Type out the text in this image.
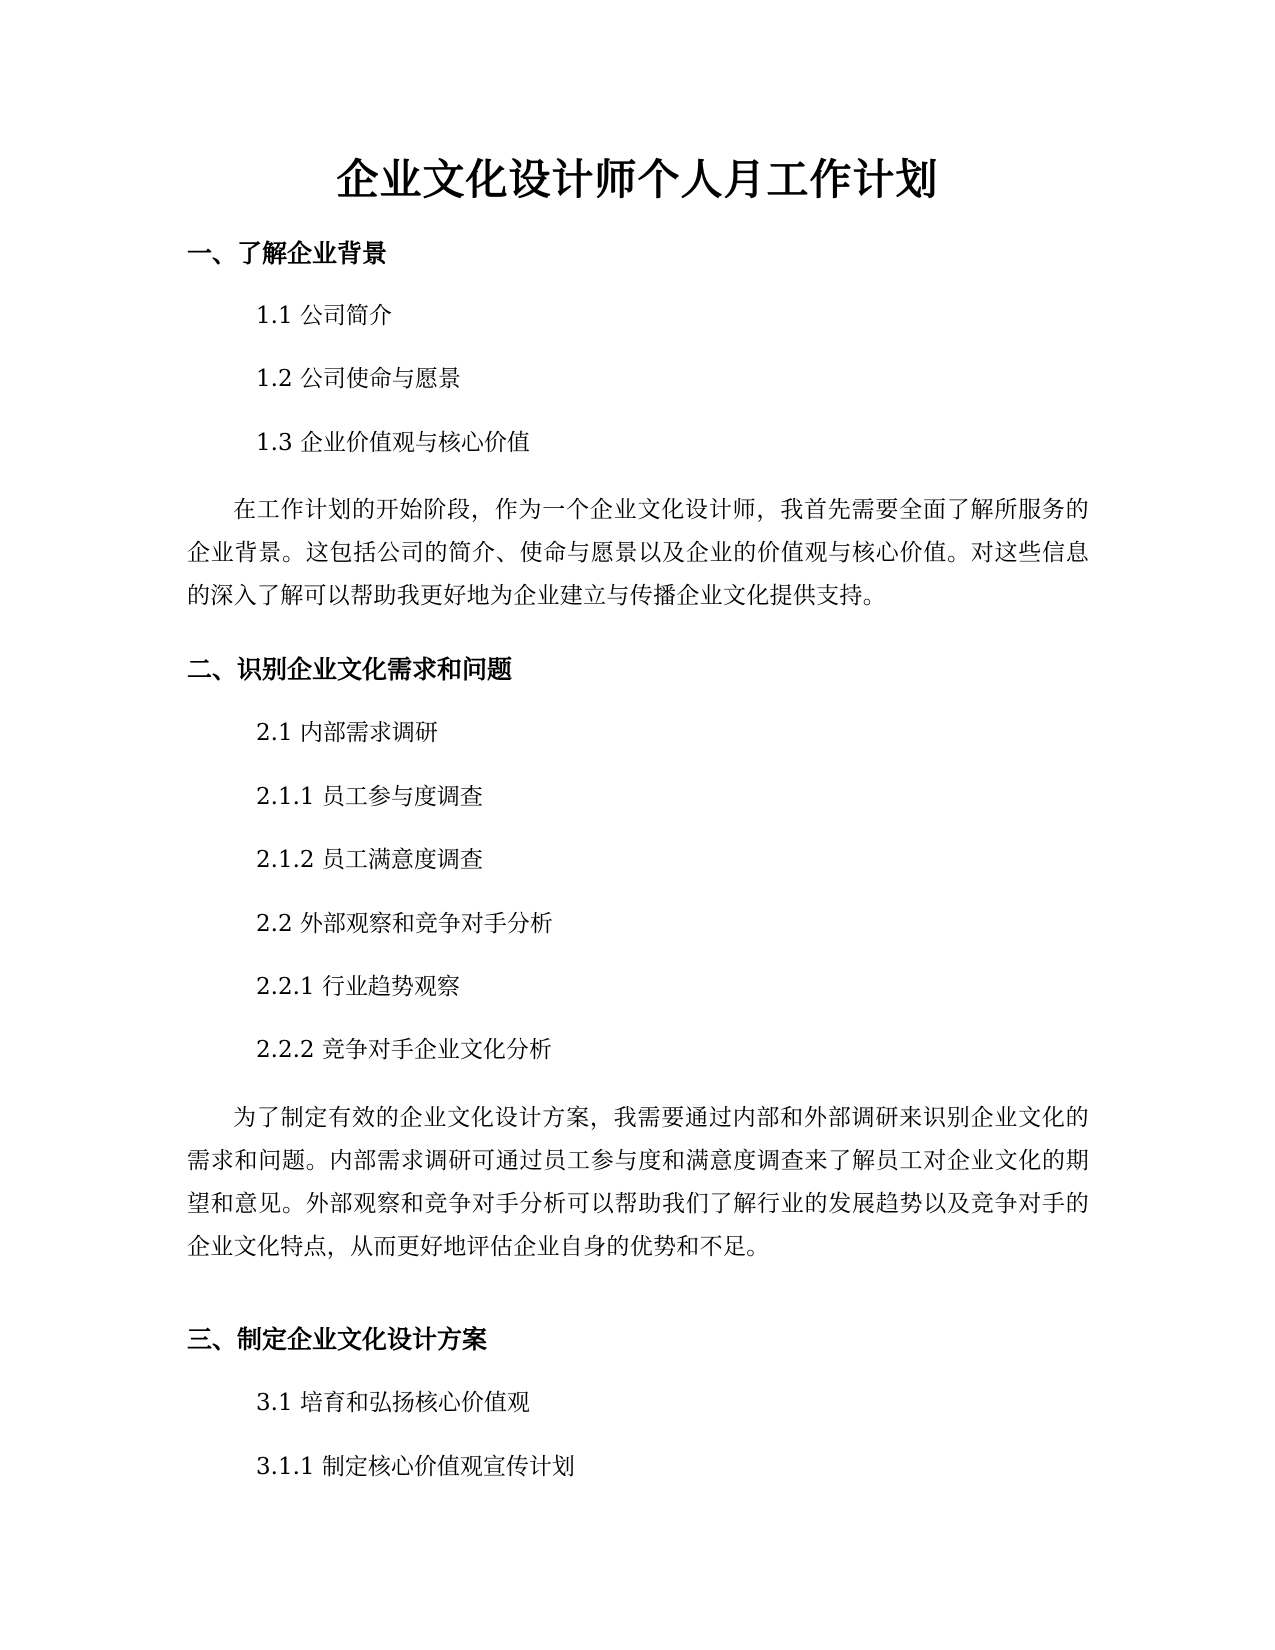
企业文化设计师个人月工作计划
一、了解企业背景
1.1 公司简介
1.2 公司使命与愿景
1.3 企业价值观与核心价值
在工作计划的开始阶段，作为一个企业文化设计师，我首先需要全面了解所服务的企业背景。这包括公司的简介、使命与愿景以及企业的价值观与核心价值。对这些信息的深入了解可以帮助我更好地为企业建立与传播企业文化提供支持。
二、识别企业文化需求和问题
2.1 内部需求调研
2.1.1 员工参与度调查
2.1.2 员工满意度调查
2.2 外部观察和竞争对手分析
2.2.1 行业趋势观察
2.2.2 竞争对手企业文化分析
为了制定有效的企业文化设计方案，我需要通过内部和外部调研来识别企业文化的需求和问题。内部需求调研可通过员工参与度和满意度调查来了解员工对企业文化的期望和意见。外部观察和竞争对手分析可以帮助我们了解行业的发展趋势以及竞争对手的企业文化特点，从而更好地评估企业自身的优势和不足。
三、制定企业文化设计方案
3.1 培育和弘扬核心价值观
3.1.1 制定核心价值观宣传计划
